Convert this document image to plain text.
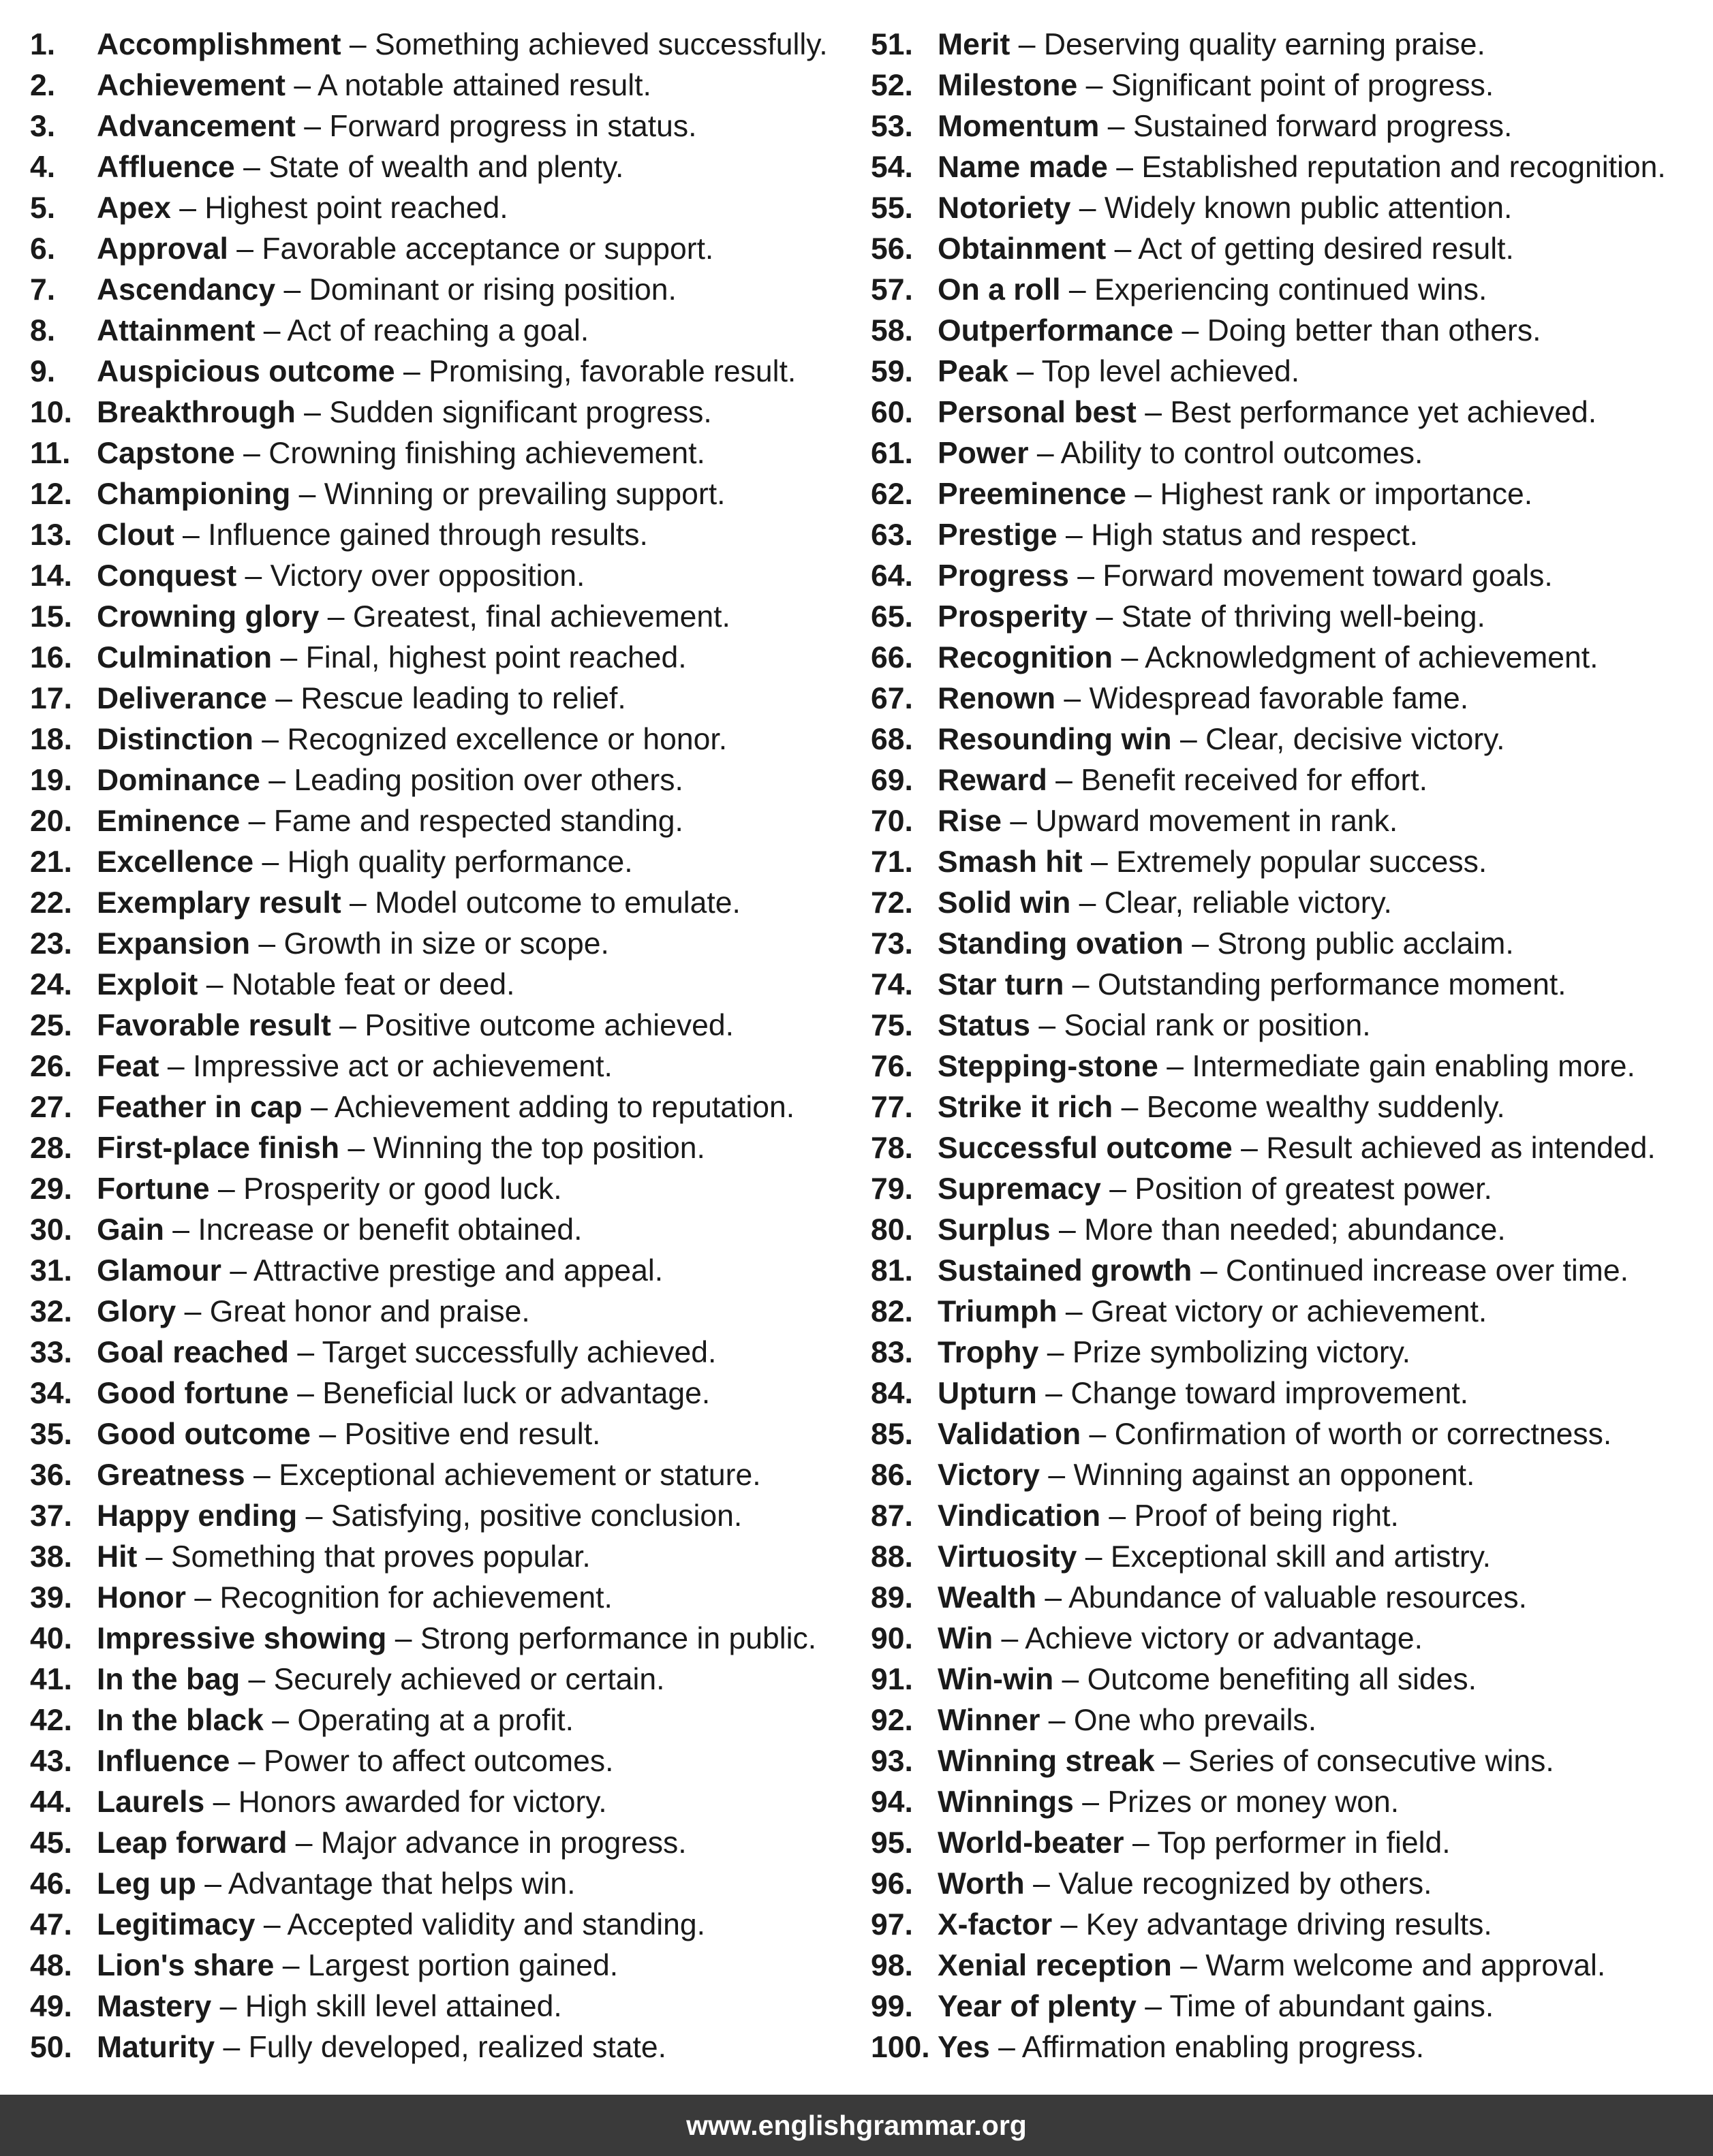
1. Accomplishment – Something achieved successfully.
2. Achievement – A notable attained result.
3. Advancement – Forward progress in status.
4. Affluence – State of wealth and plenty.
5. Apex – Highest point reached.
6. Approval – Favorable acceptance or support.
7. Ascendancy – Dominant or rising position.
8. Attainment – Act of reaching a goal.
9. Auspicious outcome – Promising, favorable result.
10. Breakthrough – Sudden significant progress.
11. Capstone – Crowning finishing achievement.
12. Championing – Winning or prevailing support.
13. Clout – Influence gained through results.
14. Conquest – Victory over opposition.
15. Crowning glory – Greatest, final achievement.
16. Culmination – Final, highest point reached.
17. Deliverance – Rescue leading to relief.
18. Distinction – Recognized excellence or honor.
19. Dominance – Leading position over others.
20. Eminence – Fame and respected standing.
21. Excellence – High quality performance.
22. Exemplary result – Model outcome to emulate.
23. Expansion – Growth in size or scope.
24. Exploit – Notable feat or deed.
25. Favorable result – Positive outcome achieved.
26. Feat – Impressive act or achievement.
27. Feather in cap – Achievement adding to reputation.
28. First-place finish – Winning the top position.
29. Fortune – Prosperity or good luck.
30. Gain – Increase or benefit obtained.
31. Glamour – Attractive prestige and appeal.
32. Glory – Great honor and praise.
33. Goal reached – Target successfully achieved.
34. Good fortune – Beneficial luck or advantage.
35. Good outcome – Positive end result.
36. Greatness – Exceptional achievement or stature.
37. Happy ending – Satisfying, positive conclusion.
38. Hit – Something that proves popular.
39. Honor – Recognition for achievement.
40. Impressive showing – Strong performance in public.
41. In the bag – Securely achieved or certain.
42. In the black – Operating at a profit.
43. Influence – Power to affect outcomes.
44. Laurels – Honors awarded for victory.
45. Leap forward – Major advance in progress.
46. Leg up – Advantage that helps win.
47. Legitimacy – Accepted validity and standing.
48. Lion's share – Largest portion gained.
49. Mastery – High skill level attained.
50. Maturity – Fully developed, realized state.
51. Merit – Deserving quality earning praise.
52. Milestone – Significant point of progress.
53. Momentum – Sustained forward progress.
54. Name made – Established reputation and recognition.
55. Notoriety – Widely known public attention.
56. Obtainment – Act of getting desired result.
57. On a roll – Experiencing continued wins.
58. Outperformance – Doing better than others.
59. Peak – Top level achieved.
60. Personal best – Best performance yet achieved.
61. Power – Ability to control outcomes.
62. Preeminence – Highest rank or importance.
63. Prestige – High status and respect.
64. Progress – Forward movement toward goals.
65. Prosperity – State of thriving well-being.
66. Recognition – Acknowledgment of achievement.
67. Renown – Widespread favorable fame.
68. Resounding win – Clear, decisive victory.
69. Reward – Benefit received for effort.
70. Rise – Upward movement in rank.
71. Smash hit – Extremely popular success.
72. Solid win – Clear, reliable victory.
73. Standing ovation – Strong public acclaim.
74. Star turn – Outstanding performance moment.
75. Status – Social rank or position.
76. Stepping-stone – Intermediate gain enabling more.
77. Strike it rich – Become wealthy suddenly.
78. Successful outcome – Result achieved as intended.
79. Supremacy – Position of greatest power.
80. Surplus – More than needed; abundance.
81. Sustained growth – Continued increase over time.
82. Triumph – Great victory or achievement.
83. Trophy – Prize symbolizing victory.
84. Upturn – Change toward improvement.
85. Validation – Confirmation of worth or correctness.
86. Victory – Winning against an opponent.
87. Vindication – Proof of being right.
88. Virtuosity – Exceptional skill and artistry.
89. Wealth – Abundance of valuable resources.
90. Win – Achieve victory or advantage.
91. Win-win – Outcome benefiting all sides.
92. Winner – One who prevails.
93. Winning streak – Series of consecutive wins.
94. Winnings – Prizes or money won.
95. World-beater – Top performer in field.
96. Worth – Value recognized by others.
97. X-factor – Key advantage driving results.
98. Xenial reception – Warm welcome and approval.
99. Year of plenty – Time of abundant gains.
100. Yes – Affirmation enabling progress.
www.englishgrammar.org
